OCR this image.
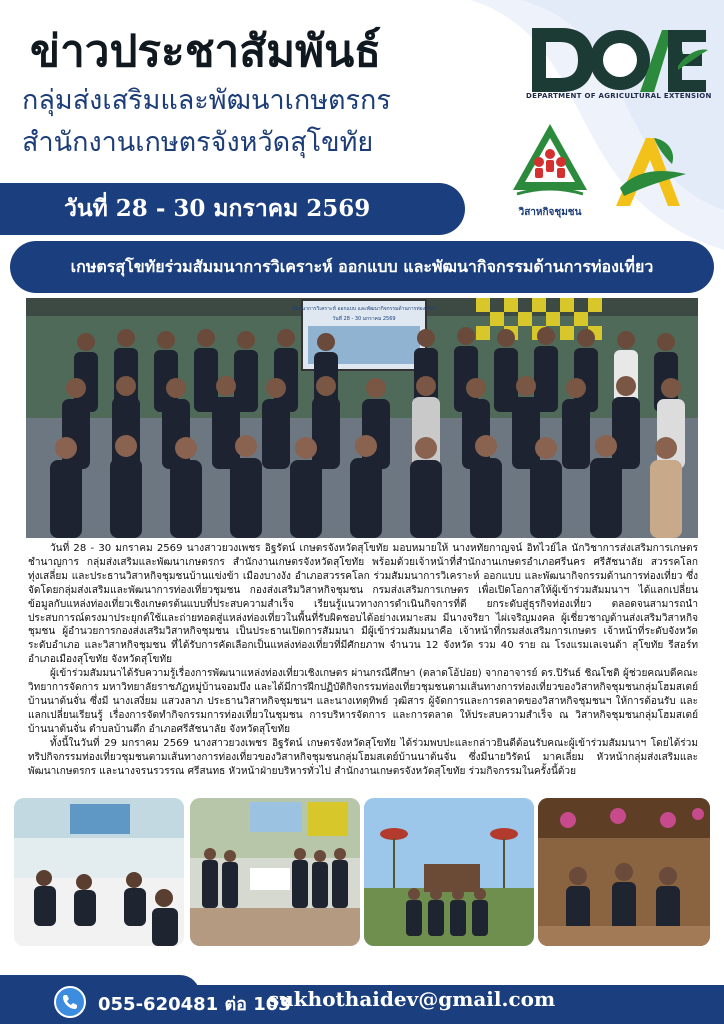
ข่าวประชาสัมพันธ์
กลุ่มส่งเสริมและพัฒนาเกษตรกร
สำนักงานเกษตรจังหวัดสุโขทัย
DEPARTMENT OF AGRICULTURAL EXTENSION
วิสาหกิจชุมชน
วันที่ 28 - 30 มกราคม 2569
เกษตรสุโขทัยร่วมสัมมนาการวิเคราะห์ ออกแบบ และพัฒนากิจกรรมด้านการท่องเที่ยว
สัมมนาการวิเคราะห์ ออกแบบ และพัฒนากิจกรรมด้านการท่องเที่ยว
วันที่ 28 - 30 มกราคม 2569

วันที่ 28 - 30 มกราคม 2569 นางสาวยวงเพชร อิฐรัตน์ เกษตรจังหวัดสุโขทัย มอบหมายให้ นางหทัยกาญจน์ อิทไวย์ไล นักวิชาการส่งเสริมการเกษตรชำนาญการ กลุ่มส่งเสริมและพัฒนาเกษตรกร สำนักงานเกษตรจังหวัดสุโขทัย พร้อมด้วยเจ้าหน้าที่สำนักงานเกษตรอำเภอศรีนคร ศรีสัชนาลัย สวรรคโลก ทุ่งเสลี่ยม และประธานวิสาหกิจชุมชนบ้านแข่งข้า เมืองบางงัง อำเภอสวรรคโลก ร่วมสัมมนาการวิเคราะห์ ออกแบบ และพัฒนากิจกรรมด้านการท่องเที่ยว ซึ่งจัดโดยกลุ่มส่งเสริมและพัฒนาการท่องเที่ยวชุมชน กองส่งเสริมวิสาหกิจชุมชน กรมส่งเสริมการเกษตร เพื่อเปิดโอกาสให้ผู้เข้าร่วมสัมมนาฯ ได้แลกเปลี่ยนข้อมูลกับแหล่งท่องเที่ยวเชิงเกษตรต้นแบบที่ประสบความสำเร็จ เรียนรู้แนวทางการดำเนินกิจการที่ดี ยกระดับสู่ธุรกิจท่องเที่ยว ตลอดจนสามารถนำประสบการณ์ตรงมาประยุกต์ใช้และถ่ายทอดสู่แหล่งท่องเที่ยวในพื้นที่รับผิดชอบได้อย่างเหมาะสม มีนางจริยา ไผ่เจริญมงคล ผู้เชี่ยวชาญด้านส่งเสริมวิสาหกิจชุมชน ผู้อำนวยการกองส่งเสริมวิสาหกิจชุมชน เป็นประธานเปิดการสัมมนา มีผู้เข้าร่วมสัมมนาคือ เจ้าหน้าที่กรมส่งเสริมการเกษตร เจ้าหน้าที่ระดับจังหวัด ระดับอำเภอ และวิสาหกิจชุมชน ที่ได้รับการคัดเลือกเป็นแหล่งท่องเที่ยวที่มีศักยภาพ จำนวน 12 จังหวัด รวม 40 ราย ณ โรงแรมเลเจนด้า สุโขทัย รีสอร์ท อำเภอเมืองสุโขทัย จังหวัดสุโขทัย

ผู้เข้าร่วมสัมมนาได้รับความรู้เรื่องการพัฒนาแหล่งท่องเที่ยวเชิงเกษตร ผ่านกรณีศึกษา (ตลาดโอ้ปอย) จากอาจารย์ ดร.ปิรันธ์ ชิณโชติ ผู้ช่วยคณบดีคณะวิทยาการจัดการ มหาวิทยาลัยราชภัฏหมู่บ้านจอมบึง และได้มีการฝึกปฏิบัติกิจกรรมท่องเที่ยวชุมชนตามเส้นทางการท่องเที่ยวของวิสาหกิจชุมชนกลุ่มโฮมสเตย์บ้านนาต้นจั่น ซึ่งมี นางเสงี่ยม แสวงลาภ ประธานวิสาหกิจชุมชนฯ และนางเทตุทิพย์ วุฒิสาร ผู้จัดการและการตลาดของวิสาหกิจชุมชนฯ ให้การต้อนรับ และแลกเปลี่ยนเรียนรู้ เรื่องการจัดทำกิจกรรมการท่องเที่ยวในชุมชน การบริหารจัดการ และการตลาด ให้ประสบความสำเร็จ ณ วิสาหกิจชุมชนกลุ่มโฮมสเตย์บ้านนาต้นจั่น ตำบลบ้านตึก อำเภอศรีสัชนาลัย จังหวัดสุโขทัย

ทั้งนี้ในวันที่ 29 มกราคม 2569 นางสาวยวงเพชร อิฐรัตน์ เกษตรจังหวัดสุโขทัย ได้ร่วมพบปะและกล่าวยินดีต้อนรับคณะผู้เข้าร่วมสัมมนาฯ โดยได้ร่วมทริปกิจกรรมท่องเที่ยวชุมชนตามเส้นทางการท่องเที่ยวของวิสาหกิจชุมชนกลุ่มโฮมสเตย์บ้านนาต้นจั่น ซึ่งมีนายวิรัตน์ มาคเลี่ยม หัวหน้ากลุ่มส่งเสริมและพัฒนาเกษตรกร และนางจรนรวรรณ ศรีสนทธ หัวหน้าฝ่ายบริหารทั่วไป สำนักงานเกษตรจังหวัดสุโขทัย ร่วมกิจกรรมในครั้งนี้ด้วย

055-620481 ต่อ 103
sukhothaidev@gmail.com
